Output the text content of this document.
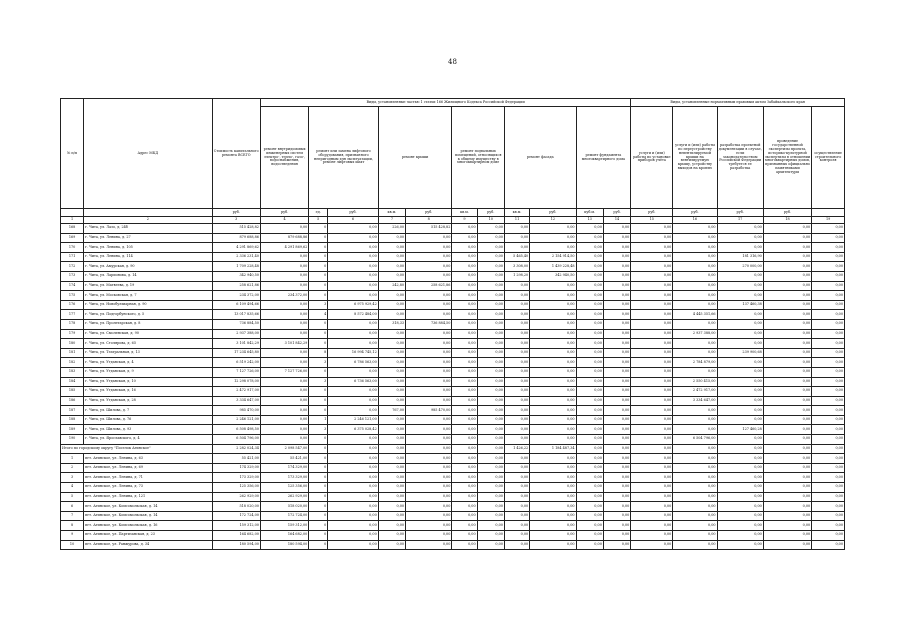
48
№ п/п	Адрес МКД	Стоимость капитального ремонта ВСЕГО	Виды, установленные частью 1 статьи 166 Жилищного Кодекса Российской Федерации											Виды, установленные нормативным правовым актом Забайкальского края				
			ремонт внутридомовых инженерных систем электро-, тепло-, газо-, водоснабжения, водоотведения	ремонт или замена лифтового оборудования, признанного непригодным для эксплуатации, ремонт лифтовых шахт		ремонт крыши		ремонт подвальных помещений, относящихся к общему имуществу в многоквартирном доме		ремонт фасада		ремонт фундамента многоквартирного дома		услуги и (или) работы по установке приборов учёта	услуги и (или) работы по переустройству невентилируемой крыши на вентилируемую крышу, устройству выходов на кровлю	разработка проектной документации в случае, если законодательством Российской Федерации требуется ее разработка	проведение государственной экспертизы проекта, историко-культурной экспертизы в отношении многоквартирных домов, признанных официально памятниками архитектуры	осуществление строительного контроля
		руб.	руб.	ед.	руб.	кв.м.	руб.	кв.м.	руб.	кв.м.	руб.	куб.м.	руб.	руб.	руб.	руб.	руб.	
1	2	3	4	5	6	7	8	9	10	11	12	13	14	15	16	17	18	19
168	г. Чита, ул. Лазо, д. 24б	515 428,82	0,00	0	0,00	226,00	515 428,82	0,00	0,00	0,00	0,00	0,00	0,00	0,00	0,00	0,00	0,00	0,00
169	г. Чита, ул. Ленина, д. 27	879 688,86	879 688,86	0	0,00	0,00	0,00	0,00	0,00	0,00	0,00	0,00	0,00	0,00	0,00	0,00	0,00	0,00
170	г. Чита, ул. Ленина, д. 105	4 291 869,62	4 291 869,62	0	0,00	0,00	0,00	0,00	0,00	0,00	0,00	0,00	0,00	0,00	0,00	0,00	0,00	0,00
171	г. Чита, ул. Ленина, д. 114	2 336 231,40	0,00	0	0,00	0,00	0,00	0,00	0,00	5 465,40	2 154 914,50	0,00	0,00	0,00	0,00	181 316,90	0,00	0,00
172	г. Чита, ул. Амурская, д. 90	1 709 228,48	0,00	0	0,00	0,00	0,00	0,00	0,00	3 308,00	1 439 228,48	0,00	0,00	0,00	0,00	270 000,00	0,00	0,00
173	г. Чита, ул. Ларионова, д. 14	342 940,50	0,00	0	0,00	0,00	0,00	0,00	0,00	1 298,20	342 940,50	0,00	0,00	0,00	0,00	0,00	0,00	0,00
174	г. Чита, ул. Матвеева, д. 19	258 621,86	0,00	0	0,00	242,80	258 621,86	0,00	0,00	0,00	0,00	0,00	0,00	0,00	0,00	0,00	0,00	0,00
175	г. Чита, ул. Московская, д. 7	234 372,00	234 372,00	0	0,00	0,00	0,00	0,00	0,00	0,00	0,00	0,00	0,00	0,00	0,00	0,00	0,00	0,00
176	г. Чита, ул. Новобульварная, д. 90	6 109 494,66	0,00	3	6 975 929,42	0,00	0,00	0,00	0,00	0,00	0,00	0,00	0,00	0,00	0,00	137 460,38	0,00	0,00
177	г. Чита, ул. Подгорбунского, д. 5	13 017 835,66	0,00	4	8 572 484,00	0,00	0,00	0,00	0,00	0,00	0,00	0,00	0,00	0,00	4 445 351,66	0,00	0,00	0,00
178	г. Чита, ул. Пролетарская, д. 8	736 884,50	0,00	0	0,00	318,33	736 884,50	0,00	0,00	0,00	0,00	0,00	0,00	0,00	0,00	0,00	0,00	0,00
179	г. Чита, ул. Смоленская, д. 90	2 937 388,00	0,00	0	0,00	0,00	0,00	0,00	0,00	0,00	0,00	0,00	0,00	0,00	2 937 388,00	0,00	0,00	0,00
180	г. Чита, ул. Столярова, д. 65	3 101 842,29	3 101 842,29	0	0,00	0,00	0,00	0,00	0,00	0,00	0,00	0,00	0,00	0,00	0,00	0,00	0,00	0,00
181	г. Чита, ул. Театральная, д. 13	17 234 645,80	0,00	8	16 994 745,12	0,00	0,00	0,00	0,00	0,00	0,00	0,00	0,00	0,00	0,00	239 900,68	0,00	0,00
182	г. Чита, ул. Угданская, д. 4	6 519 242,00	0,00	3	6 786 563,00	0,00	0,00	0,00	0,00	0,00	0,00	0,00	0,00	0,00	2 784 879,00	0,00	0,00	0,00
183	г. Чита, ул. Угданская, д. 9	7 127 726,00	7 127 726,00	0	0,00	0,00	0,00	0,00	0,00	0,00	0,00	0,00	0,00	0,00	0,00	0,00	0,00	0,00
184	г. Чита, ул. Угданская, д. 10	12 298 078,00	0,00	3	6 736 563,00	0,00	0,00	0,00	0,00	0,00	0,00	0,00	0,00	0,00	2 550 415,00	0,00	0,00	0,00
185	г. Чита, ул. Угданская, д. 16	2 472 917,00	0,00	0	0,00	0,00	0,00	0,00	0,00	0,00	0,00	0,00	0,00	0,00	2 472 917,00	0,00	0,00	0,00
186	г. Чита, ул. Угданская, д. 28	3 334 647,00	0,00	0	0,00	0,00	0,00	0,00	0,00	0,00	0,00	0,00	0,00	0,00	3 334 647,00	0,00	0,00	0,00
187	г. Чита, ул. Шилова, д. 7	985 470,00	0,00	0	0,00	767,00	985 470,00	0,00	0,00	0,00	0,00	0,00	0,00	0,00	0,00	0,00	0,00	0,00
188	г. Чита, ул. Шилова, д. 76	2 246 121,00	0,00	1	2 246 121,00	0,00	0,00	0,00	0,00	0,00	0,00	0,00	0,00	0,00	0,00	0,00	0,00	0,00
189	г. Чита, ул. Шилова, д. 93	6 508 498,50	0,00	3	6 375 028,42	0,00	0,00	0,00	0,00	0,00	0,00	0,00	0,00	0,00	0,00	127 460,28	0,00	0,00
190	г. Чита, ул. Ярославского, д. 4	6 504 796,00	0,00	0	0,00	0,00	0,00	0,00	0,00	0,00	0,00	0,00	0,00	0,00	6 504 796,00	0,00	0,00	0,00
Итого по городскому округу "Поселок Агинское"		2 282 024,34	2 098 547,00	0	0,00	0,00	0,00	0,00	0,00	1 426,22	1 184 487,34	0,00	0,00	0,00	0,00	0,00	0,00	0,00
1	пгт. Агинское, ул. Ленина, д. 63	55 421,00	55 421,00	0	0,00	0,00	0,00	0,00	0,00	0,00	0,00	0,00	0,00	0,00	0,00	0,00	0,00	0,00
2	пгт. Агинское, ул. Ленина, д. 69	174 329,00	174 329,00	0	0,00	0,00	0,00	0,00	0,00	0,00	0,00	0,00	0,00	0,00	0,00	0,00	0,00	0,00
3	пгт. Агинское, ул. Ленина, д. 71	173 329,00	173 329,00	0	0,00	0,00	0,00	0,00	0,00	0,00	0,00	0,00	0,00	0,00	0,00	0,00	0,00	0,00
4	пгт. Агинское, ул. Ленина, д. 73	125 356,00	125 356,00	0	0,00	0,00	0,00	0,00	0,00	0,00	0,00	0,00	0,00	0,00	0,00	0,00	0,00	0,00
5	пгт. Агинское, ул. Ленина, д. 121	262 929,00	262 929,00	0	0,00	0,00	0,00	0,00	0,00	0,00	0,00	0,00	0,00	0,00	0,00	0,00	0,00	0,00
6	пгт. Агинское, ул. Комсомольская, д. 14	518 020,00	518 020,00	0	0,00	0,00	0,00	0,00	0,00	0,00	0,00	0,00	0,00	0,00	0,00	0,00	0,00	0,00
7	пгт. Агинское, ул. Комсомольская, д. 14	172 724,00	172 724,00	0	0,00	0,00	0,00	0,00	0,00	0,00	0,00	0,00	0,00	0,00	0,00	0,00	0,00	0,00
8	пгт. Агинское, ул. Комсомольская, д. 16	159 312,00	159 312,00	0	0,00	0,00	0,00	0,00	0,00	0,00	0,00	0,00	0,00	0,00	0,00	0,00	0,00	0,00
9	пгт. Агинское, ул. Партизанская, д. 23	164 682,00	164 682,00	0	0,00	0,00	0,00	0,00	0,00	0,00	0,00	0,00	0,00	0,00	0,00	0,00	0,00	0,00
10	пгт. Агинское, ул. Ранжурова, д. 34	180 594,00	180 594,00	0	0,00	0,00	0,00	0,00	0,00	0,00	0,00	0,00	0,00	0,00	0,00	0,00	0,00	0,00
